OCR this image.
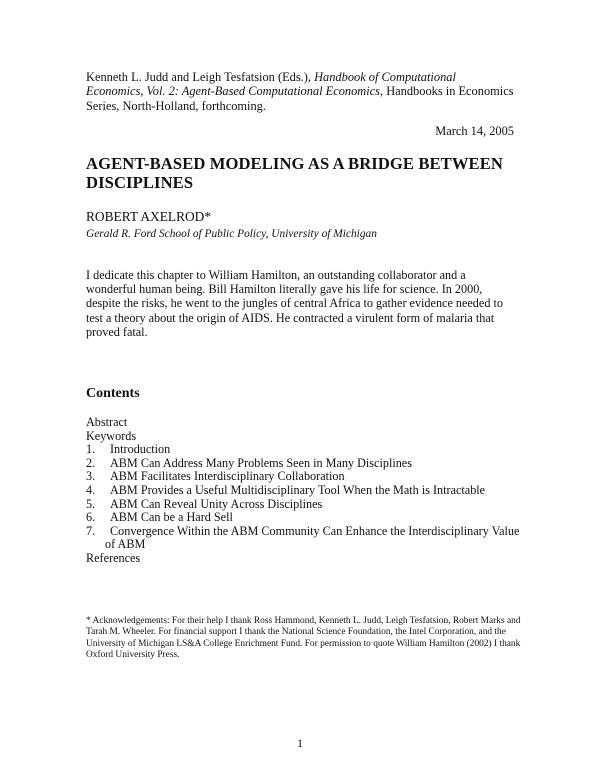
Kenneth L. Judd and Leigh Tesfatsion (Eds.), Handbook of Computational Economics, Vol. 2: Agent-Based Computational Economics, Handbooks in Economics Series, North-Holland, forthcoming.
March 14, 2005
AGENT-BASED MODELING AS A BRIDGE BETWEEN DISCIPLINES
ROBERT AXELROD*
Gerald R. Ford School of Public Policy, University of Michigan
I dedicate this chapter to William Hamilton, an outstanding collaborator and a wonderful human being. Bill Hamilton literally gave his life for science. In 2000, despite the risks, he went to the jungles of central Africa to gather evidence needed to test a theory about the origin of AIDS. He contracted a virulent form of malaria that proved fatal.
Contents
Abstract
Keywords
1.	Introduction
2.	ABM Can Address Many Problems Seen in Many Disciplines
3.	ABM Facilitates Interdisciplinary Collaboration
4.	ABM Provides a Useful Multidisciplinary Tool When the Math is Intractable
5.	ABM Can Reveal Unity Across Disciplines
6.	ABM Can be a Hard Sell
7.	Convergence Within the ABM Community Can Enhance the Interdisciplinary Value
of ABM
References
* Acknowledgements: For their help I thank Ross Hammond, Kenneth L. Judd, Leigh Tesfatsion, Robert Marks and Tarah M. Wheeler. For financial support I thank the National Science Foundation, the Intel Corporation, and the University of Michigan LS&A College Enrichment Fund. For permission to quote William Hamilton (2002) I thank Oxford University Press.
1
